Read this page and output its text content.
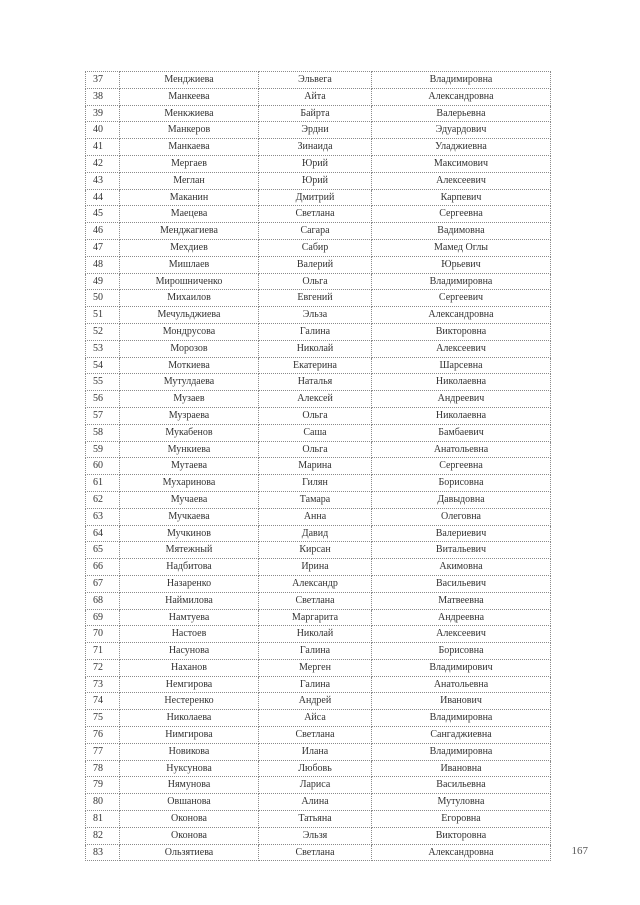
37	Менджиева	Эльвега	Владимировна
38	Манкеева	Айта	Александровна
39	Менкжиева	Байрта	Валерьевна
40	Манкеров	Эрдни	Эдуардович
41	Манкаева	Зинаида	Уладжиевна
42	Мергаев	Юрий	Максимович
43	Меглан	Юрий	Алексеевич
44	Маканин	Дмитрий	Карпевич
45	Маецева	Светлана	Сергеевна
46	Менджагиева	Сагара	Вадимовна
47	Мехдиев	Сабир	Мамед Оглы
48	Мишлаев	Валерий	Юрьевич
49	Мирошниченко	Ольга	Владимировна
50	Михаилов	Евгений	Сергеевич
51	Мечульджиева	Эльза	Александровна
52	Мондрусова	Галина	Викторовна
53	Морозов	Николай	Алексеевич
54	Моткиева	Екатерина	Шарсевна
55	Мутулдаева	Наталья	Николаевна
56	Музаев	Алексей	Андреевич
57	Музраева	Ольга	Николаевна
58	Мукабенов	Саша	Бамбаевич
59	Мункиева	Ольга	Анатольевна
60	Мутаева	Марина	Сергеевна
61	Мухаринова	Гилян	Борисовна
62	Мучаева	Тамара	Давыдовна
63	Мучкаева	Анна	Олеговна
64	Мучкинов	Давид	Валериевич
65	Мятежный	Кирсан	Витальевич
66	Надбитова	Ирина	Акимовна
67	Назаренко	Александр	Васильевич
68	Наймилова	Светлана	Матвеевна
69	Намтуева	Маргарита	Андреевна
70	Настоев	Николай	Алексеевич
71	Насунова	Галина	Борисовна
72	Наханов	Мерген	Владимирович
73	Немгирова	Галина	Анатольевна
74	Нестеренко	Андрей	Иванович
75	Николаева	Айса	Владимировна
76	Нимгирова	Светлана	Сангаджиевна
77	Новикова	Илана	Владимировна
78	Нуксунова	Любовь	Ивановна
79	Нямунова	Лариса	Васильевна
80	Овшанова	Алина	Мутуловна
81	Оконова	Татьяна	Егоровна
82	Оконова	Эльзя	Викторовна
83	Ользятиева	Светлана	Александровна	167
